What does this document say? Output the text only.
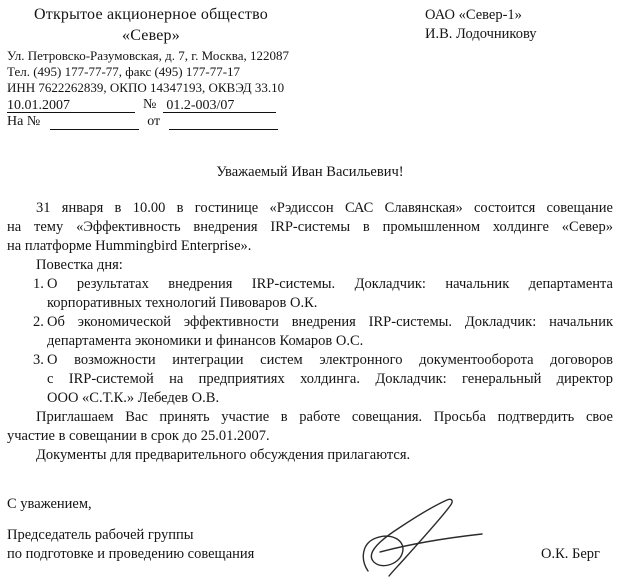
Открытое акционерное общество
«Север»
ОАО «Север-1»
И.В. Лодочникову
Ул. Петровско-Разумовская, д. 7, г. Москва, 122087
Тел. (495) 177-77-77, факс (495) 177-77-17
ИНН 7622262839, ОКПО 14347193, ОКВЭД 33.10
10.01.2007	№ 01.2-003/07
На №	от
Уважаемый Иван Васильевич!
31 января в 10.00 в гостинице «Рэдиссон САС Славянская» состоится совещание
на тему «Эффективность внедрения IRP-системы в промышленном холдинге «Север»
на платформе Hummingbird Enterprise».
Повестка дня:
1. О результатах внедрения IRP-системы. Докладчик: начальник департамента
корпоративных технологий Пивоваров О.К.
2. Об экономической эффективности внедрения IRP-системы. Докладчик: начальник
департамента экономики и финансов Комаров О.С.
3. О возможности интеграции систем электронного документооборота договоров
с IRP-системой на предприятиях холдинга. Докладчик: генеральный директор
ООО «С.Т.К.» Лебедев О.В.
Приглашаем Вас принять участие в работе совещания. Просьба подтвердить свое
участие в совещании в срок до 25.01.2007.
Документы для предварительного обсуждения прилагаются.
С уважением,
Председатель рабочей группы
по подготовке и проведению совещания	О.К. Берг
